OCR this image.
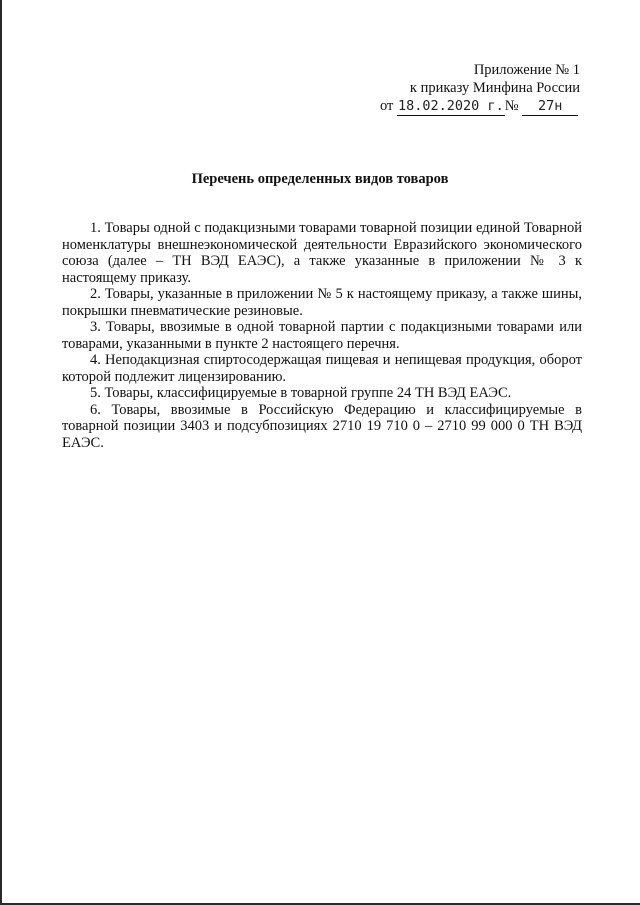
Приложение № 1
к приказу Минфина России
от 18.02.2020 г.№ 27н
Перечень определенных видов товаров

1. Товары одной с подакцизными товарами товарной позиции единой Товарной номенклатуры внешнеэкономической деятельности Евразийского экономического союза (далее – ТН ВЭД ЕАЭС), а также указанные в приложении № 3 к настоящему приказу.

2. Товары, указанные в приложении № 5 к настоящему приказу, а также шины, покрышки пневматические резиновые.

3. Товары, ввозимые в одной товарной партии с подакцизными товарами или товарами, указанными в пункте 2 настоящего перечня.

4. Неподакцизная спиртосодержащая пищевая и непищевая продукция, оборот которой подлежит лицензированию.

5. Товары, классифицируемые в товарной группе 24 ТН ВЭД ЕАЭС.

6. Товары, ввозимые в Российскую Федерацию и классифицируемые в товарной позиции 3403 и подсубпозициях 2710 19 710 0 – 2710 99 000 0 ТН ВЭД ЕАЭС.
